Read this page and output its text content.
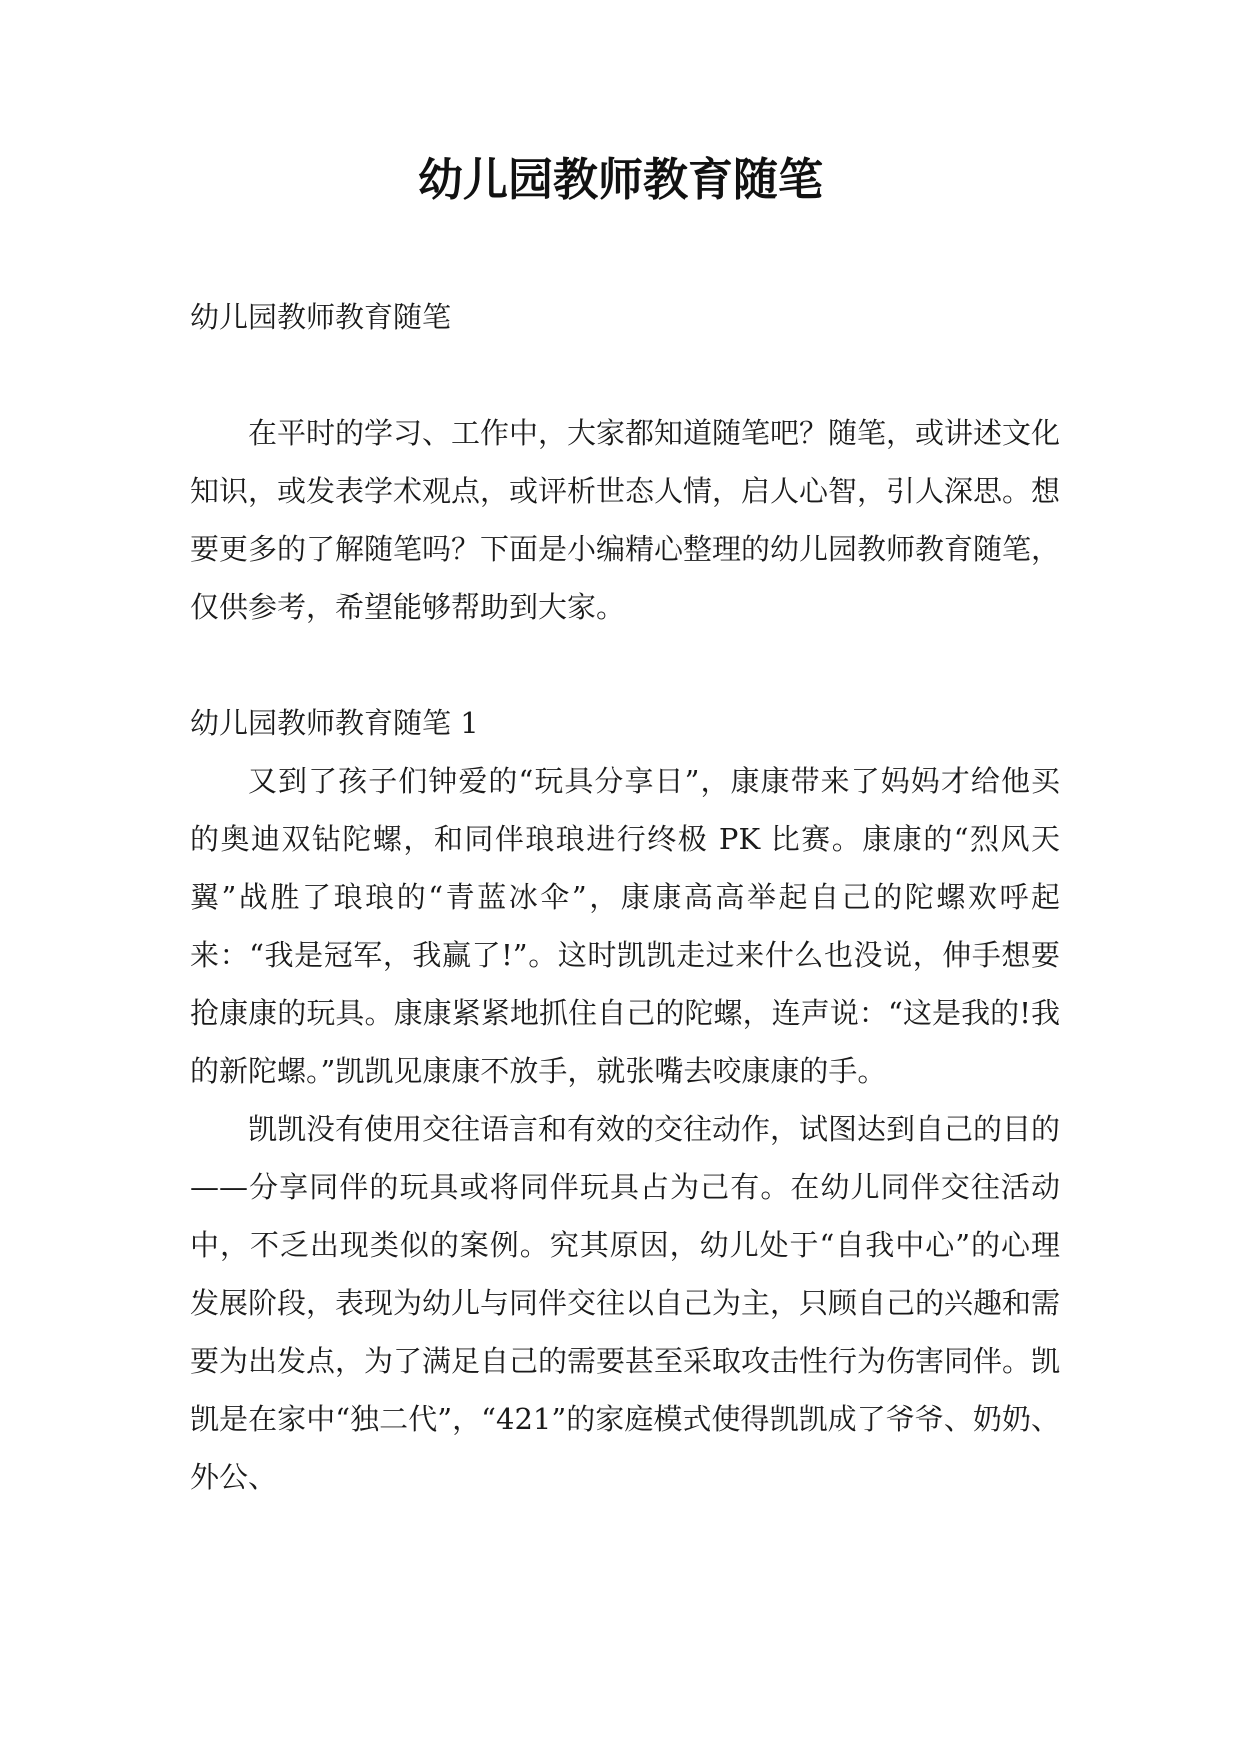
幼儿园教师教育随笔

幼儿园教师教育随笔

在平时的学习、工作中，大家都知道随笔吧？随笔，或讲述文化知识，或发表学术观点，或评析世态人情，启人心智，引人深思。想要更多的了解随笔吗？下面是小编精心整理的幼儿园教师教育随笔，仅供参考，希望能够帮助到大家。

幼儿园教师教育随笔 1

又到了孩子们钟爱的“玩具分享日”，康康带来了妈妈才给他买的奥迪双钻陀螺，和同伴琅琅进行终极 PK 比赛。康康的“烈风天翼”战胜了琅琅的“青蓝冰伞”，康康高高举起自己的陀螺欢呼起来：“我是冠军，我赢了!”。这时凯凯走过来什么也没说，伸手想要抢康康的玩具。康康紧紧地抓住自己的陀螺，连声说：“这是我的!我的新陀螺。”凯凯见康康不放手，就张嘴去咬康康的手。

凯凯没有使用交往语言和有效的交往动作，试图达到自己的目的——分享同伴的玩具或将同伴玩具占为己有。在幼儿同伴交往活动中，不乏出现类似的案例。究其原因，幼儿处于“自我中心”的心理发展阶段，表现为幼儿与同伴交往以自己为主，只顾自己的兴趣和需要为出发点，为了满足自己的需要甚至采取攻击性行为伤害同伴。凯凯是在家中“独二代”，“421”的家庭模式使得凯凯成了爷爷、奶奶、外公、
